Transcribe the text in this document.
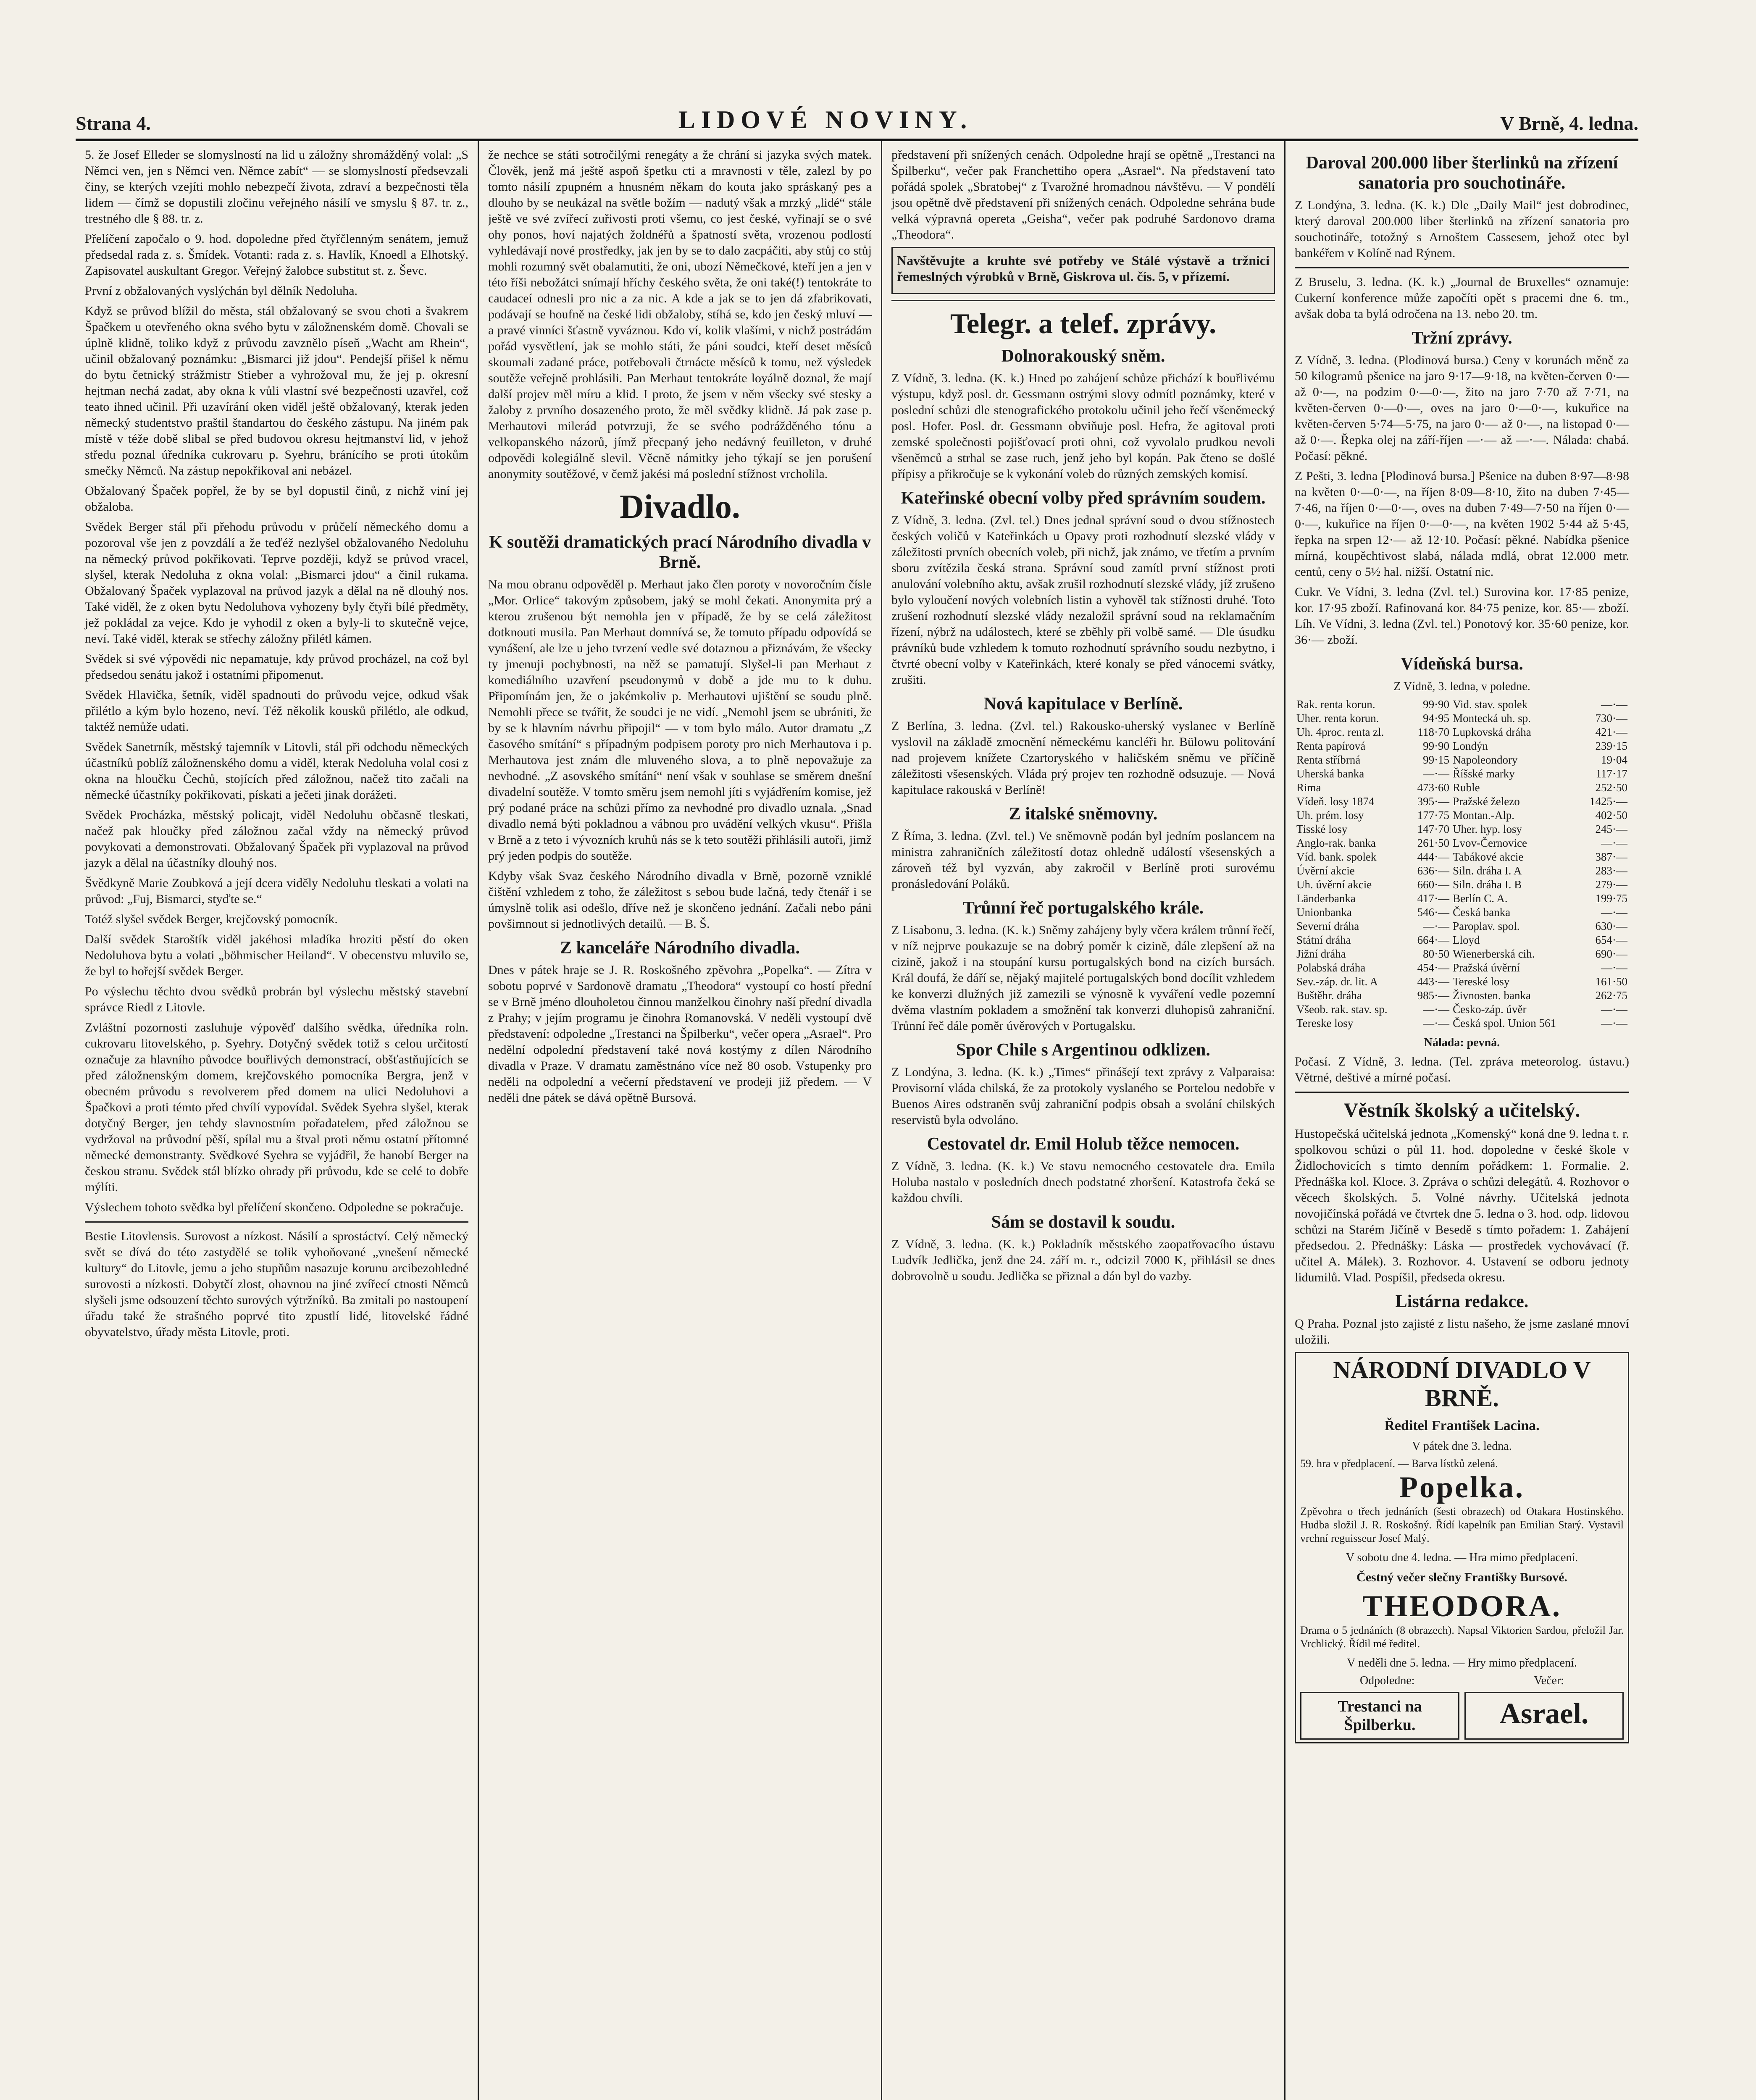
Strana 4.	LIDOVÉ NOVINY.	V Brně, 4. ledna.

5. že Josef Elleder se slomyslností na lid u záložny shromážděný volal: „S Němci ven, jen s Němci ven. Němce zabít“ — se slomyslností předsevzali činy, se kterých vzejíti mohlo nebezpečí života, zdraví a bezpečnosti těla lidem — čímž se dopustili zločinu veřejného násilí ve smyslu § 87. tr. z., trestného dle § 88. tr. z.

Přelíčení započalo o 9. hod. dopoledne před čtyřčlenným senátem, jemuž předsedal rada z. s. Šmídek. Votanti: rada z. s. Havlík, Knoedl a Elhotský. Zapisovatel auskultant Gregor. Veřejný žalobce substitut st. z. Ševc.

První z obžalovaných vyslýchán byl dělník Nedoluha.

Když se průvod blížil do města, stál obžalovaný se svou choti a švakrem Špačkem u otevřeného okna svého bytu v záložnenském domě. Chovali se úplně klidně, toliko když z průvodu zavznělo píseň „Wacht am Rhein“, učinil obžalovaný poznámku: „Bismarci již jdou“. Pendejší přišel k němu do bytu četnický strážmistr Stieber a vyhrožoval mu, že jej p. okresní hejtman nechá zadat, aby okna k vůli vlastní své bezpečnosti uzavřel, což teato ihned učinil. Při uzavírání oken viděl ještě obžalovaný, kterak jeden německý studentstvo praštil štandartou do českého zástupu. Na jiném pak místě v téže době slibal se před budovou okresu hejtmanství lid, v jehož středu poznal úředníka cukrovaru p. Syehru, bránícího se proti útokům smečky Němců. Na zástup nepokřikoval ani nebázel.

Obžalovaný Špaček popřel, že by se byl dopustil činů, z nichž viní jej obžaloba.

Svědek Berger stál při přehodu průvodu v průčelí německého domu a pozoroval vše jen z povzdálí a že teďéž nezlyšel obžalovaného Nedoluhu na německý průvod pokřikovati. Teprve později, když se průvod vracel, slyšel, kterak Nedoluha z okna volal: „Bismarci jdou“ a činil rukama. Obžalovaný Špaček vyplazoval na průvod jazyk a dělal na ně dlouhý nos. Také viděl, že z oken bytu Nedoluhova vyhozeny byly čtyři bílé předměty, jež pokládal za vejce. Kdo je vyhodil z oken a byly-li to skutečně vejce, neví. Také viděl, kterak se střechy záložny přilétl kámen.

Svědek si své výpovědi nic nepamatuje, kdy průvod procházel, na což byl předsedou senátu jakož i ostatními připomenut.

Svědek Hlavička, šetník, viděl spadnouti do průvodu vejce, odkud však přilétlo a kým bylo hozeno, neví. Též několik kousků přilétlo, ale odkud, taktéž nemůže udati.

Svědek Sanetrník, městský tajemník v Litovli, stál při odchodu německých účastníků poblíž záložnenského domu a viděl, kterak Nedoluha volal cosi z okna na hloučku Čechů, stojících před záložnou, načež tito začali na německé účastníky pokřikovati, pískati a ječeti jinak dorážeti.

Svědek Procházka, městský policajt, viděl Nedoluhu občasně tleskati, načež pak hloučky před záložnou začal vždy na německý průvod povykovati a demonstrovati. Obžalovaný Špaček při vyplazoval na průvod jazyk a dělal na účastníky dlouhý nos.

Švědkyně Marie Zoubková a její dcera viděly Nedoluhu tleskati a volati na průvod: „Fuj, Bismarci, styďte se.“

Totéž slyšel svědek Berger, krejčovský pomocník.

Další svědek Staroštík viděl jakéhosi mladíka hroziti pěstí do oken Nedoluhova bytu a volati „böhmischer Heiland“. V obecenstvu mluvilo se, že byl to hořejší svědek Berger.

Po výslechu těchto dvou svědků probrán byl výslechu městský stavební správce Riedl z Litovle.

Zvláštní pozornosti zasluhuje výpověď dalšího svědka, úředníka roln. cukrovaru litovelského, p. Syehry. Dotyčný svědek totiž s celou určitostí označuje za hlavního původce bouřlivých demonstrací, obšťastňujících se před záložnenským domem, krejčovského pomocníka Bergra, jenž v obecném průvodu s revolverem před domem na ulici Nedoluhovi a Špačkovi a proti témto před chvílí vypovídal. Svědek Syehra slyšel, kterak dotyčný Berger, jen tehdy slavnostním pořadatelem, před záložnou se vydržoval na průvodní pěší, spílal mu a štval proti němu ostatní přítomné německé demonstranty. Svědkové Syehra se vyjádřil, že hanobí Berger na českou stranu. Svědek stál blízko ohrady při průvodu, kde se celé to dobře mýlíti.

Výslechem tohoto svědka byl přelíčení skončeno. Odpoledne se pokračuje.

Bestie Litovlensis. Surovost a nízkost. Násilí a sprostáctví. Celý německý svět se dívá do této zastydělé se tolik vyhoňované „vnešení německé kultury“ do Litovle, jemu a jeho stupňům nasazuje korunu arcibezohledné surovosti a nízkosti. Dobytčí zlost, ohavnou na jiné zvířecí ctnosti Němců slyšeli jsme odsouzení těchto surových výtržníků. Ba zmitali po nastoupení úřadu také že strašného poprvé tito zpustlí lidé, litovelské řádné obyvatelstvo, úřady města Litovle, proti.

že nechce se státi sotročilými renegáty a že chrání si jazyka svých matek. Člověk, jenž má ještě aspoň špetku cti a mravnosti v těle, zalezl by po tomto násilí zpupném a hnusném někam do kouta jako spráskaný pes a dlouho by se neukázal na světle božím — nadutý však a mrzký „lidé“ stále ještě ve své zvířecí zuřivosti proti všemu, co jest české, vyřinají se o své ohy ponos, hoví najatých žoldnéřů a špatností světa, vrozenou podlostí vyhledávají nové prostředky, jak jen by se to dalo zacpáčiti, aby stůj co stůj mohli rozumný svět obalamutiti, že oni, ubozí Němečkové, kteří jen a jen v této říši nebožátci snímají hříchy českého světa, že oni také(!) tentokráte to caudaceí odnesli pro nic a za nic. A kde a jak se to jen dá zfabrikovati, podávají se houfně na české lidi obžaloby, stíhá se, kdo jen český mluví — a pravé vinníci šťastně vyváznou. Kdo ví, kolik vlašími, v nichž postrádám pořád vysvětlení, jak se mohlo státi, že páni soudci, kteří deset měsíců skoumali zadané práce, potřebovali čtrnácte měsíců k tomu, než výsledek soutěže veřejně prohlásili. Pan Merhaut tentokráte loyálně doznal, že mají další projev měl míru a klid. I proto, že jsem v něm všecky své stesky a žaloby z prvního dosazeného proto, že měl svědky klidně. Já pak zase p. Merhautovi milerád potvrzuji, že se svého podrážděného tónu a velkopanského názorů, jímž přecpaný jeho nedávný feuilleton, v druhé odpovědi kolegiálně slevil. Věcně námitky jeho týkají se jen porušení anonymity soutěžové, v čemž jakési má poslední stížnost vrcholila.

Divadlo.
K soutěži dramatických prací Národního divadla v Brně.

Na mou obranu odpověděl p. Merhaut jako člen poroty v novoročním čísle „Mor. Orlice“ takovým způsobem, jaký se mohl čekati. Anonymita prý a kterou zrušenou být nemohla jen v případě, že by se celá záležitost dotknouti musila. Pan Merhaut domnívá se, že tomuto případu odpovídá se vynášení, ale lze u jeho tvrzení vedle své dotaznou a přiznávám, že všecky ty jmenuji pochybnosti, na něž se pamatují. Slyšel-li pan Merhaut z komediálního uzavření pseudonymů v době a jde mu to k duhu. Připomínám jen, že o jakémkoliv p. Merhautovi ujištění se soudu plně. Nemohli přece se tvářit, že soudci je ne vidí. „Nemohl jsem se ubrániti, že by se k hlavním návrhu připojil“ — v tom bylo málo. Autor dramatu „Z časového smítání“ s případným podpisem poroty pro nich Merhautova i p. Merhautova jest znám dle mluveného slova, a to plně nepovažuje za nevhodné. „Z asovského smítání“ není však v souhlase se směrem dnešní divadelní soutěže. V tomto směru jsem nemohl jíti s vyjádřením komise, jež prý podané práce na schůzi přímo za nevhodné pro divadlo uznala. „Snad divadlo nemá býti pokladnou a vábnou pro uvádění velkých vkusu“. Přišla v Brně a z teto i vývozních kruhů nás se k teto soutěži přihlásili autoři, jimž prý jeden podpis do soutěže.

Kdyby však Svaz českého Národního divadla v Brně, pozorně vzniklé čištění vzhledem z toho, že záležitost s sebou bude lačná, tedy čtenář i se úmyslně tolik asi odešlo, dříve než je skončeno jednání. Začali nebo páni povšimnout si jednotlivých detailů. — B. Š.

Z kanceláře Národního divadla.

Dnes v pátek hraje se J. R. Roskošného zpěvohra „Popelka“. — Zítra v sobotu poprvé v Sardonově dramatu „Theodora“ vystoupí co hostí přední se v Brně jméno dlouholetou činnou manželkou činohry naší přední divadla z Prahy; v jejím programu je činohra Romanovská. V neděli vystoupí dvě představení: odpoledne „Trestanci na Špilberku“, večer opera „Asrael“. Pro nedělní odpolední představení také nová kostýmy z dílen Národního divadla v Praze. V dramatu zaměstnáno více než 80 osob. Vstupenky pro neděli na odpolední a večerní představení ve prodeji již předem. — V neděli dne pátek se dává opětně Bursová.

představení při snížených cenách. Odpoledne hrají se opětně „Trestanci na Špilberku“, večer pak Franchettiho opera „Asrael“. Na představení tato pořádá spolek „Sbratobej“ z Tvarožné hromadnou návštěvu. — V pondělí jsou opětně dvě představení při snížených cenách. Odpoledne sehrána bude velká výpravná opereta „Geisha“, večer pak podruhé Sardonovo drama „Theodora“.

Navštěvujte a kruhte své potřeby ve Stálé výstavě a tržnici řemeslných výrobků v Brně, Giskrova ul. čís. 5, v přízemí.

Telegr. a telef. zprávy.
Dolnorakouský sněm.

Z Vídně, 3. ledna. (K. k.) Hned po zahájení schůze přichází k bouřlivému výstupu, když posl. dr. Gessmann ostrými slovy odmítl poznámky, které v poslední schůzi dle stenografického protokolu učinil jeho řečí všeněmecký posl. Hofer. Posl. dr. Gessmann obviňuje posl. Hefra, že agitoval proti zemské společnosti pojišťovací proti ohni, což vyvolalo prudkou nevoli všeněmců a strhal se zase ruch, jenž jeho byl kopán. Pak čteno se došlé přípisy a přikročuje se k vykonání voleb do různých zemských komisí.

Kateřinské obecní volby před správním soudem.

Z Vídně, 3. ledna. (Zvl. tel.) Dnes jednal správní soud o dvou stížnostech českých voličů v Kateřinkách u Opavy proti rozhodnutí slezské vlády v záležitosti prvních obecních voleb, při nichž, jak známo, ve třetím a prvním sboru zvítězila česká strana. Správní soud zamítl první stížnost proti anulování volebního aktu, avšak zrušil rozhodnutí slezské vlády, jíž zrušeno bylo vyloučení nových volebních listin a vyhověl tak stížnosti druhé. Toto zrušení rozhodnutí slezské vlády nezaložil správní soud na reklamačním řízení, nýbrž na událostech, které se zběhly při volbě samé. — Dle úsudku právníků bude vzhledem k tomuto rozhodnutí správního soudu nezbytno, i čtvrté obecní volby v Kateřinkách, které konaly se před vánocemi svátky, zrušiti.

Nová kapitulace v Berlíně.

Z Berlína, 3. ledna. (Zvl. tel.) Rakousko-uherský vyslanec v Berlíně vyslovil na základě zmocnění německému kancléři hr. Bülowu politování nad projevem knížete Czartoryského v haličském sněmu ve příčině záležitosti všesenských. Vláda prý projev ten rozhodně odsuzuje. — Nová kapitulace rakouská v Berlíně!

Z italské sněmovny.

Z Říma, 3. ledna. (Zvl. tel.) Ve sněmovně podán byl jedním poslancem na ministra zahraničních záležitostí dotaz ohledně událostí všesenských a zároveň též byl vyzván, aby zakročil v Berlíně proti surovému pronásledování Poláků.

Trůnní řeč portugalského krále.

Z Lisabonu, 3. ledna. (K. k.) Sněmy zahájeny byly včera králem trůnní řečí, v níž nejprve poukazuje se na dobrý poměr k cizině, dále zlepšení až na cizině, jakož i na stoupání kursu portugalských bond na cizích bursách. Král doufá, že dáří se, nějaký majitelé portugalských bond docílit vzhledem ke konverzi dlužných již zamezili se výnosně k vyváření vedle pozemní dvěma vlastním pokladem a smožnění tak konverzi dluhopisů zahraniční. Trůnní řeč dále poměr úvěrových v Portugalsku.

Spor Chile s Argentinou odklizen.

Z Londýna, 3. ledna. (K. k.) „Times“ přinášejí text zprávy z Valparaisa: Provisorní vláda chilská, že za protokoly vyslaného se Portelou nedobře v Buenos Aires odstraněn svůj zahraniční podpis obsah a svolání chilských reservistů byla odvoláno.

Cestovatel dr. Emil Holub těžce nemocen.

Z Vídně, 3. ledna. (K. k.) Ve stavu nemocného cestovatele dra. Emila Holuba nastalo v posledních dnech podstatné zhoršení. Katastrofa čeká se každou chvíli.

Sám se dostavil k soudu.

Z Vídně, 3. ledna. (K. k.) Pokladník městského zaopatřovacího ústavu Ludvík Jedlička, jenž dne 24. září m. r., odcizil 7000 K, přihlásil se dnes dobrovolně u soudu. Jedlička se přiznal a dán byl do vazby.

Daroval 200.000 liber šterlinků na zřízení sanatoria pro souchotináře.

Z Londýna, 3. ledna. (K. k.) Dle „Daily Mail“ jest dobrodinec, který daroval 200.000 liber šterlinků na zřízení sanatoria pro souchotináře, totožný s Arnoštem Cassesem, jehož otec byl bankéřem v Kolíně nad Rýnem.

Z Bruselu, 3. ledna. (K. k.) „Journal de Bruxelles“ oznamuje: Cukerní konference může započíti opět s pracemi dne 6. tm., avšak doba ta bylá odročena na 13. nebo 20. tm.

Tržní zprávy.

Z Vídně, 3. ledna. (Plodinová bursa.) Ceny v korunách měnč za 50 kilogramů pšenice na jaro 9·17—9·18, na květen-červen 0·— až 0·—, na podzim 0·—0·—, žito na jaro 7·70 až 7·71, na květen-červen 0·—0·—, oves na jaro 0·—0·—, kukuřice na květen-červen 5·74—5·75, na jaro 0·— až 0·—, na listopad 0·— až 0·—. Řepka olej na září-říjen —·— až —·—. Nálada: chabá. Počasí: pěkné.

Z Pešti, 3. ledna [Plodinová bursa.] Pšenice na duben 8·97—8·98 na květen 0·—0·—, na říjen 8·09—8·10, žito na duben 7·45—7·46, na říjen 0·—0·—, oves na duben 7·49—7·50 na říjen 0·—0·—, kukuřice na říjen 0·—0·—, na květen 1902 5·44 až 5·45, řepka na srpen 12·— až 12·10. Počasí: pěkné. Nabídka pšenice mírná, koupěchtivost slabá, nálada mdlá, obrat 12.000 metr. centů, ceny o 5½ hal. nižší. Ostatní nic.

Cukr. Ve Vídni, 3. ledna (Zvl. tel.) Surovina kor. 17·85 penize, kor. 17·95 zboží. Rafinovaná kor. 84·75 penize, kor. 85·— zboží. Líh. Ve Vídni, 3. ledna (Zvl. tel.) Ponotový kor. 35·60 penize, kor. 36·— zboží.

Vídeňská bursa.
Z Vídně, 3. ledna, v poledne.
Rak. renta korun.	99·90	Vid. stav. spolek	—·—
Uher. renta korun.	94·95	Montecká uh. sp.	730·—
Uh. 4proc. renta zl.	118·70	Lupkovská dráha	421·—
Renta papírová	99·90	Londýn	239·15
Renta stříbrná	99·15	Napoleondory	19·04
Uherská banka	—·—	Říšské marky	117·17
Rima	473·60	Ruble	252·50
Vídeň. losy 1874	395·—	Pražské železo	1425·—
Uh. prém. losy	177·75	Montan.-Alp.	402·50
Tisské losy	147·70	Uher. hyp. losy	245·—
Anglo-rak. banka	261·50	Lvov-Černovice	—·—
Víd. bank. spolek	444·—	Tabákové akcie	387·—
Úvěrní akcie	636·—	Siln. dráha I. A	283·—
Uh. úvěrní akcie	660·—	Siln. dráha I. B	279·—
Länderbanka	417·—	Berlín C. A.	199·75
Unionbanka	546·—	Česká banka	—·—
Severní dráha	—·—	Paroplav. spol.	630·—
Státní dráha	664·—	Lloyd	654·—
Jižní dráha	80·50	Wienerberská cih.	690·—
Polabská dráha	454·—	Pražská úvěrní	—·—
Sev.-záp. dr. lit. A	443·—	Tereské losy	161·50
Buštěhr. dráha	985·—	Živnosten. banka	262·75
Všeob. rak. stav. sp.	—·—	Česko-záp. úvěr	—·—
Tereske losy	—·—	Česká spol. Union 561	—·—
Nálada: pevná.

Počasí. Z Vídně, 3. ledna. (Tel. zpráva meteorolog. ústavu.) Větrné, deštivé a mírné počasí.

Věstník školský a učitelský.

Hustopečská učitelská jednota „Komenský“ koná dne 9. ledna t. r. spolkovou schůzi o půl 11. hod. dopoledne v české škole v Židlochovicích s timto denním pořádkem: 1. Formalie. 2. Přednáška kol. Kloce. 3. Zpráva o schůzi delegátů. 4. Rozhovor o věcech školských. 5. Volné návrhy. Učitelská jednota novojičínská pořádá ve čtvrtek dne 5. ledna o 3. hod. odp. lidovou schůzi na Starém Jičíně v Besedě s tímto pořadem: 1. Zahájení předsedou. 2. Přednášky: Láska — prostředek vychovávací (ř. učitel A. Málek). 3. Rozhovor. 4. Ustavení se odboru jednoty lidumilů. Vlad. Pospíšil, předseda okresu.

Listárna redakce.

Q Praha. Poznal jsto zajisté z listu našeho, že jsme zaslané mnoví uložili.

NÁRODNÍ DIVADLO V BRNĚ.
Ředitel František Lacina.
V pátek dne 3. ledna.
59. hra v předplacení. — Barva lístků zelená.
Popelka.

Zpěvohra o třech jednáních (šesti obrazech) od Otakara Hostinského. Hudba složil J. R. Roskošný. Řídí kapelník pan Emilian Starý. Vystavil vrchní reguisseur Josef Malý.

V sobotu dne 4. ledna. — Hra mimo předplacení.
Čestný večer slečny Františky Bursové.
THEODORA.

Drama o 5 jednáních (8 obrazech). Napsal Viktorien Sardou, přeložil Jar. Vrchlický. Řídil mé ředitel.

V neděli dne 5. ledna. — Hry mimo předplacení.
Odpoledne:	Večer:
Trestanci na Špilberku.	Asrael.
